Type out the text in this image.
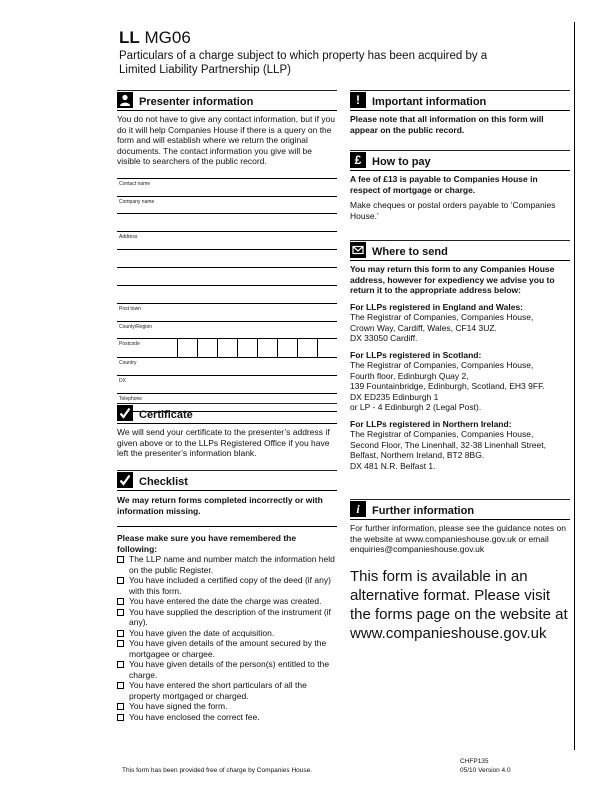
LL MG06
Particulars of a charge subject to which property has been acquired by a
Limited Liability Partnership (LLP)
Presenter information
You do not have to give any contact information, but if you do it will help Companies House if there is a query on the form and will establish where we return the original documents. The contact information you give will be visible to searchers of the public record.
Contact name
Company name
Address
Post town
County/Region
Postcode
Country
DX
Telephone
Certificate
We will send your certificate to the presenter’s address if given above or to the LLPs Registered Office if you have left the presenter’s information blank.
Checklist
We may return forms completed incorrectly or with information missing.
Please make sure you have remembered the following:
The LLP name and number match the information held on the public Register.
You have included a certified copy of the deed (if any) with this form.
You have entered the date the charge was created.
You have supplied the description of the instrument (if any).
You have given the date of acquisition.
You have given details of the amount secured by the mortgagee or chargee.
You have given details of the person(s) entitled to the charge.
You have entered the short particulars of all the property mortgaged or charged.
You have signed the form.
You have enclosed the correct fee.
!	Important information
Please note that all information on this form will appear on the public record.
£ How to pay
A fee of £13 is payable to Companies House in respect of mortgage or charge.
Make cheques or postal orders payable to ‘Companies House.’
Where to send
You may return this form to any Companies House address, however for expediency we advise you to return it to the appropriate address below:
For LLPs registered in England and Wales:
The Registrar of Companies, Companies House,
Crown Way, Cardiff, Wales, CF14 3UZ.
DX 33050 Cardiff.
For LLPs registered in Scotland:
The Registrar of Companies, Companies House,
Fourth floor, Edinburgh Quay 2,
139 Fountainbridge, Edinburgh, Scotland, EH3 9FF.
DX ED235 Edinburgh 1
or LP - 4 Edinburgh 2 (Legal Post).
For LLPs registered in Northern Ireland:
The Registrar of Companies, Companies House,
Second Floor, The Linenhall, 32-38 Linenhall Street,
Belfast, Northern Ireland, BT2 8BG.
DX 481 N.R. Belfast 1.
i	Further information
For further information, please see the guidance notes on the website at www.companieshouse.gov.uk or email enquiries@companieshouse.gov.uk
This form is available in an alternative format. Please visit the forms page on the website at www.companieshouse.gov.uk
This form has been provided free of charge by Companies House.
CHFP135
05/10 Version 4.0
